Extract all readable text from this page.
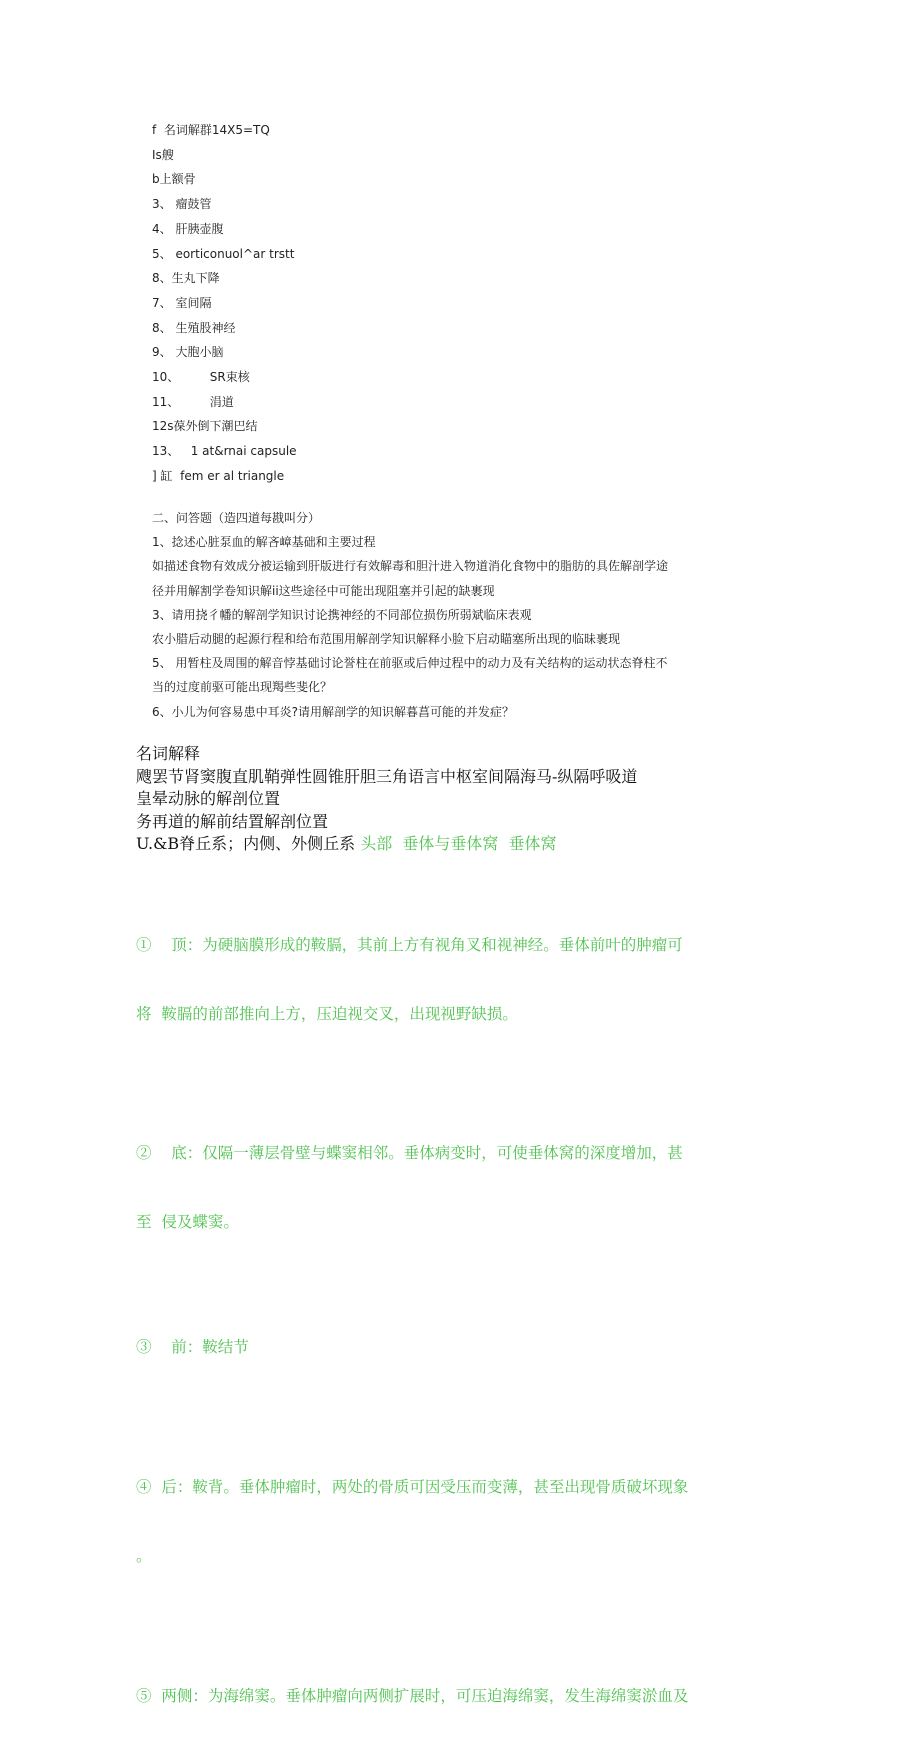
f  名词解群14X5=TQ
Is艘
b上额骨
3、 瘤鼓管
4、 肝胰壶腹
5、 eorticonuol^ar trstt
8、生丸下降
7、 室间隔
8、 生殖股神经
9、 大胞小脑
10、        SR束核
11、        涓道
12s葆外倒下潮巴结
13、   1 at&rnai capsule
] 缸  fem er al triangle
二、问答题（造四道每戡叫分）
1、捻述心脏泵血的解吝嶂基础和主要过程
如描述食物有效成分被运输到肝版进行有效解毒和胆汁进入物道消化食物中的脂肪的具佐解剖学途
径并用解割学卷知识解ii这些途径中可能出现阻塞并引起的缺裹现
3、请用挠彳幡的解剖学知识讨论携神经的不同部位损伤所弱斌临床表观
农小腊后动腿的起源行程和给布范围用解剖学知识解释小脸下启动瞄塞所出现的临昧裹现
5、 用暂柱及周围的解音悖基础讨论誉柱在前驱或后伸过程中的动力及有关结构的运动状态脊柱不
当的过度前驱可能出现羯些斐化？
6、小儿为何容易患中耳炎?请用解剖学的知识解暮菖可能的并发症？
名词解释
飕罢节肾窦腹直肌鞘弹性圆锥肝胆三角语言中枢室间隔海马-纵隔呼吸道
皇晕动脉的解剖位置
务再道的解前结置解剖位置
U.&B脊丘系；内侧、外侧丘系 头部  垂体与垂体窝  垂体窝

①    顶：为硬脑膜形成的鞍膈，其前上方有视角叉和视神经。垂体前叶的肿瘤可

将  鞍膈的前部推向上方，压迫视交叉，出现视野缺损。

②    底：仅隔一薄层骨壁与蝶窦相邻。垂体病变时，可使垂体窝的深度增加，甚

至  侵及蝶窦。

③    前：鞍结节

④  后：鞍背。垂体肿瘤时，两处的骨质可因受压而变薄，甚至出现骨质破坏现象

。

⑤  两侧：为海绵窦。垂体肿瘤向两侧扩展时，可压迫海绵窦，发生海绵窦淤血及
